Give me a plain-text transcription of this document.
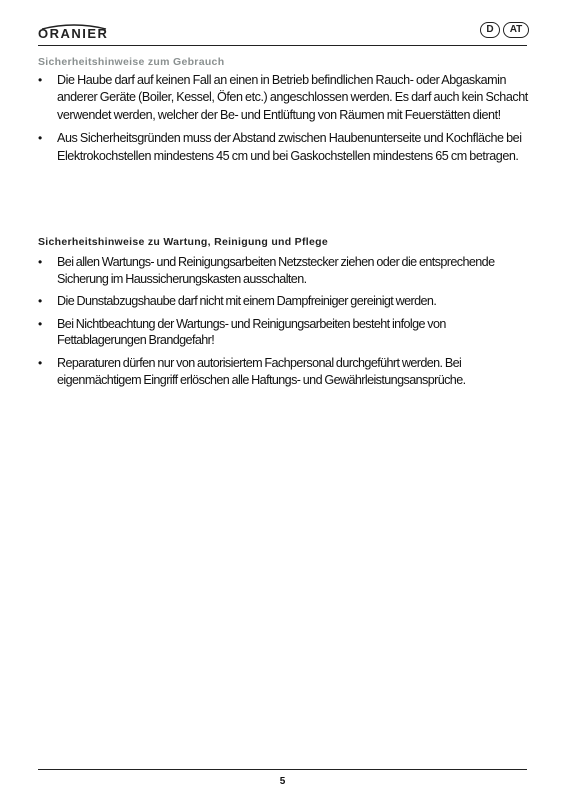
ORANIER	D	AT
Sicherheitshinweise zum Gebrauch
• Die Haube darf auf keinen Fall an einen in Betrieb befindlichen Rauch- oder Abgaskamin anderer Geräte (Boiler, Kessel, Öfen etc.) angeschlossen werden. Es darf auch kein Schacht verwendet werden, welcher der Be- und Entlüftung von Räumen mit Feuerstätten dient!
• Aus Sicherheitsgründen muss der Abstand zwischen Haubenunterseite und Kochfläche bei Elektrokochstellen mindestens 45 cm und bei Gaskochstellen mindestens 65 cm betragen.
Sicherheitshinweise zu Wartung, Reinigung und Pflege
• Bei allen Wartungs- und Reinigungsarbeiten Netzstecker ziehen oder die entsprechende Sicherung im Haussicherungskasten ausschalten.
• Die Dunstabzugshaube darf nicht mit einem Dampfreiniger gereinigt werden.
• Bei Nichtbeachtung der Wartungs- und Reinigungsarbeiten besteht infolge von Fettablagerungen Brandgefahr!
• Reparaturen dürfen nur von autorisiertem Fachpersonal durchgeführt werden. Bei eigenmächtigem Eingriff erlöschen alle Haftungs- und Gewährleistungsansprüche.
5
